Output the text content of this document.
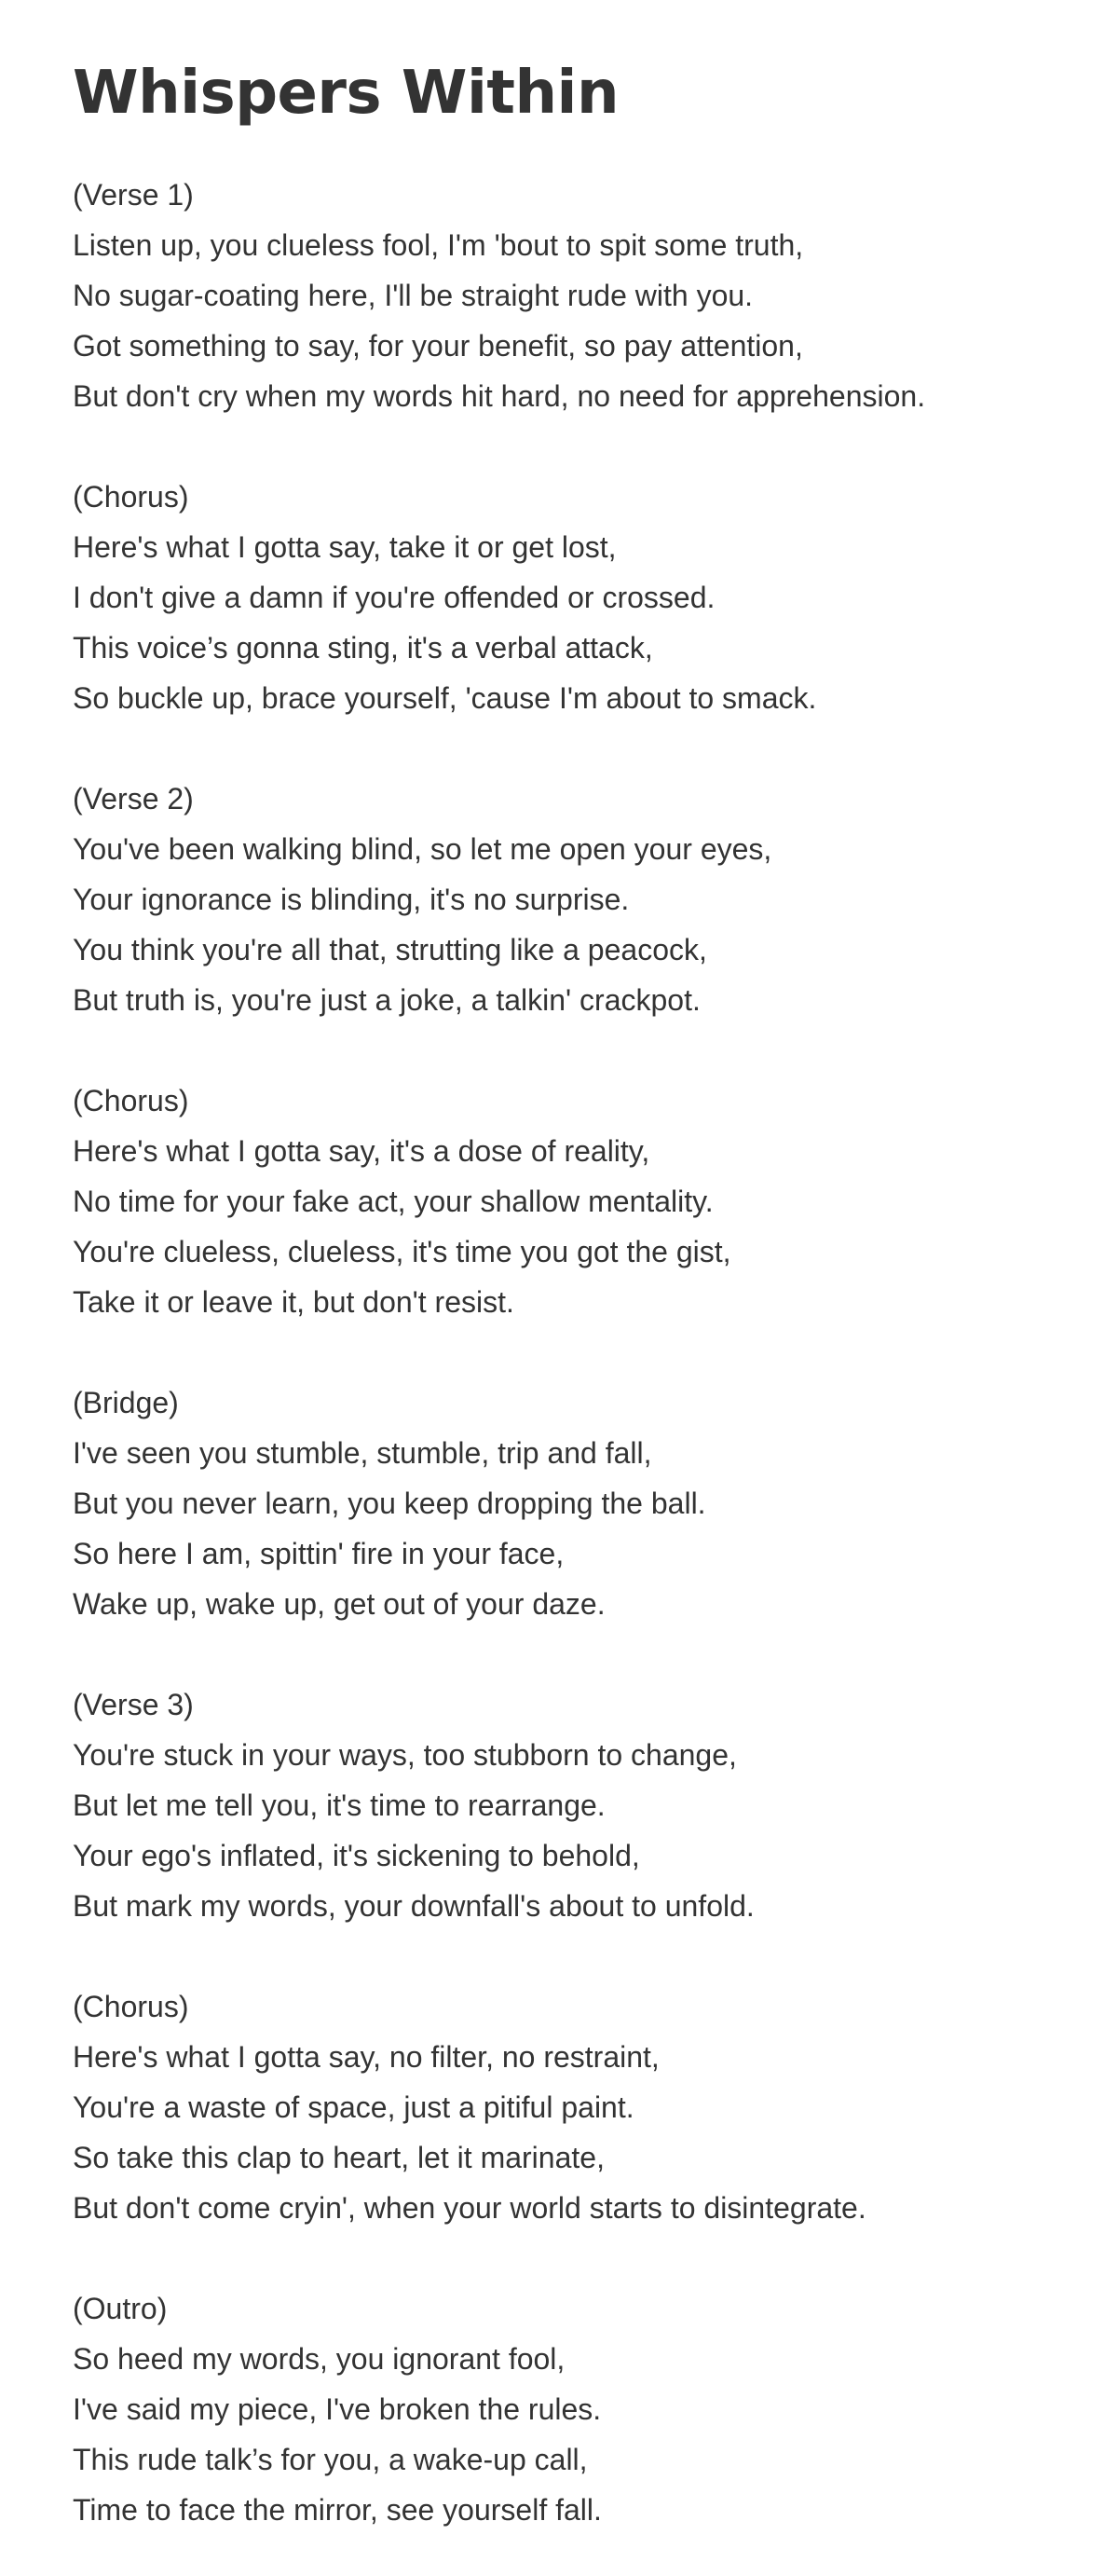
Whispers Within
(Verse 1)
Listen up, you clueless fool, I'm 'bout to spit some truth,
No sugar-coating here, I'll be straight rude with you.
Got something to say, for your benefit, so pay attention,
But don't cry when my words hit hard, no need for apprehension.
(Chorus)
Here's what I gotta say, take it or get lost,
I don't give a damn if you're offended or crossed.
This voice’s gonna sting, it's a verbal attack,
So buckle up, brace yourself, 'cause I'm about to smack.
(Verse 2)
You've been walking blind, so let me open your eyes,
Your ignorance is blinding, it's no surprise.
You think you're all that, strutting like a peacock,
But truth is, you're just a joke, a talkin' crackpot.
(Chorus)
Here's what I gotta say, it's a dose of reality,
No time for your fake act, your shallow mentality.
You're clueless, clueless, it's time you got the gist,
Take it or leave it, but don't resist.
(Bridge)
I've seen you stumble, stumble, trip and fall,
But you never learn, you keep dropping the ball.
So here I am, spittin' fire in your face,
Wake up, wake up, get out of your daze.
(Verse 3)
You're stuck in your ways, too stubborn to change,
But let me tell you, it's time to rearrange.
Your ego's inflated, it's sickening to behold,
But mark my words, your downfall's about to unfold.
(Chorus)
Here's what I gotta say, no filter, no restraint,
You're a waste of space, just a pitiful paint.
So take this clap to heart, let it marinate,
But don't come cryin', when your world starts to disintegrate.
(Outro)
So heed my words, you ignorant fool,
I've said my piece, I've broken the rules.
This rude talk’s for you, a wake-up call,
Time to face the mirror, see yourself fall.
